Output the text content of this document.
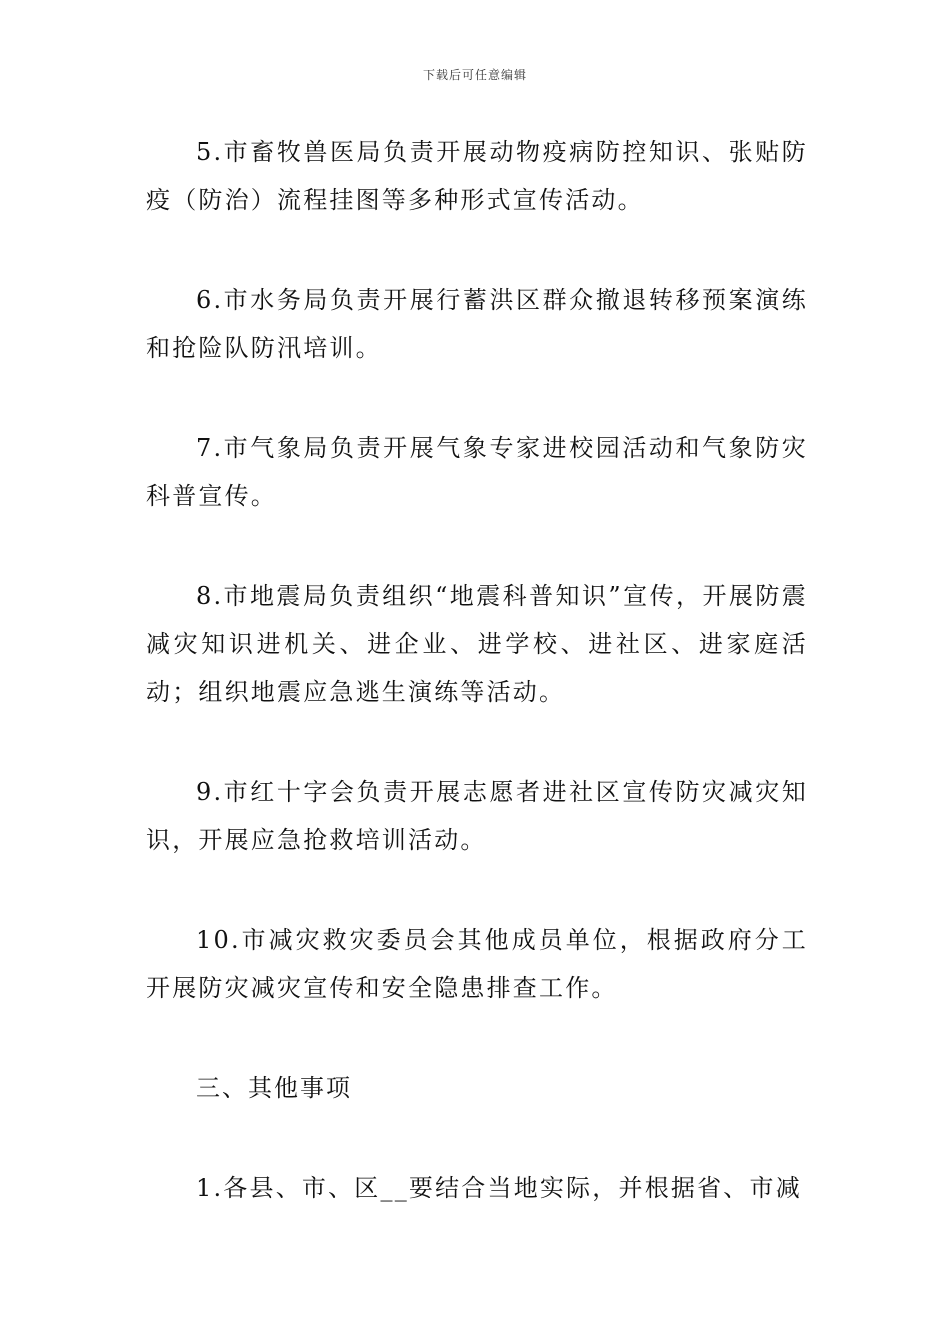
下载后可任意编辑

5.市畜牧兽医局负责开展动物疫病防控知识、张贴防疫（防治）流程挂图等多种形式宣传活动。

6.市水务局负责开展行蓄洪区群众撤退转移预案演练和抢险队防汛培训。

7.市气象局负责开展气象专家进校园活动和气象防灾科普宣传。

8.市地震局负责组织“地震科普知识”宣传，开展防震减灾知识进机关、进企业、进学校、进社区、进家庭活动；组织地震应急逃生演练等活动。

9.市红十字会负责开展志愿者进社区宣传防灾减灾知识，开展应急抢救培训活动。

10.市减灾救灾委员会其他成员单位，根据政府分工开展防灾减灾宣传和安全隐患排查工作。

三、其他事项

1.各县、市、区__要结合当地实际，并根据省、市减
